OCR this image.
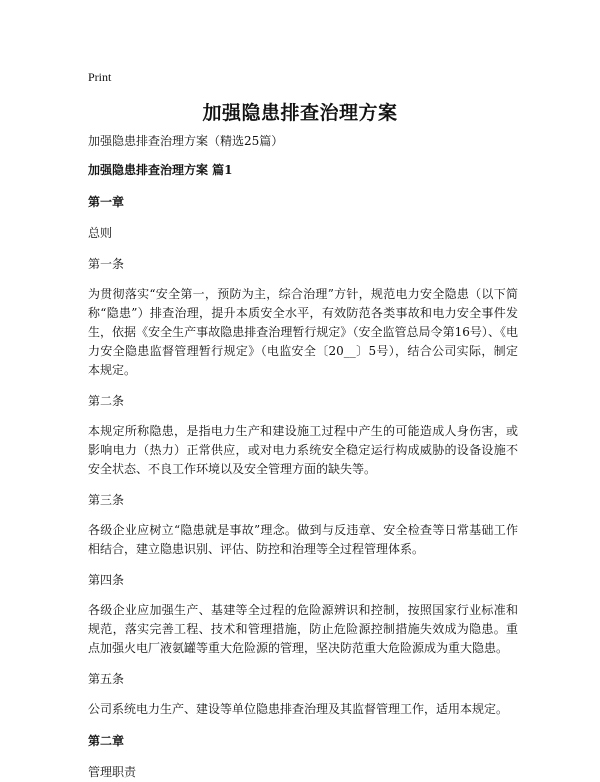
Print
加强隐患排查治理方案

加强隐患排查治理方案（精选25篇）

加强隐患排查治理方案 篇1

第一章

总则

第一条

为贯彻落实“安全第一，预防为主，综合治理”方针，规范电力安全隐患（以下简称“隐患”）排查治理，提升本质安全水平，有效防范各类事故和电力安全事件发生，依据《安全生产事故隐患排查治理暂行规定》（安全监管总局令第16号）、《电力安全隐患监督管理暂行规定》（电监安全〔20__〕5号），结合公司实际，制定本规定。

第二条

本规定所称隐患，是指电力生产和建设施工过程中产生的可能造成人身伤害，或影响电力（热力）正常供应，或对电力系统安全稳定运行构成威胁的设备设施不安全状态、不良工作环境以及安全管理方面的缺失等。

第三条

各级企业应树立“隐患就是事故”理念。做到与反违章、安全检查等日常基础工作相结合，建立隐患识别、评估、防控和治理等全过程管理体系。

第四条

各级企业应加强生产、基建等全过程的危险源辨识和控制，按照国家行业标准和规范，落实完善工程、技术和管理措施，防止危险源控制措施失效成为隐患。重点加强火电厂液氨罐等重大危险源的管理，坚决防范重大危险源成为重大隐患。

第五条

公司系统电力生产、建设等单位隐患排查治理及其监督管理工作，适用本规定。

第二章

管理职责
